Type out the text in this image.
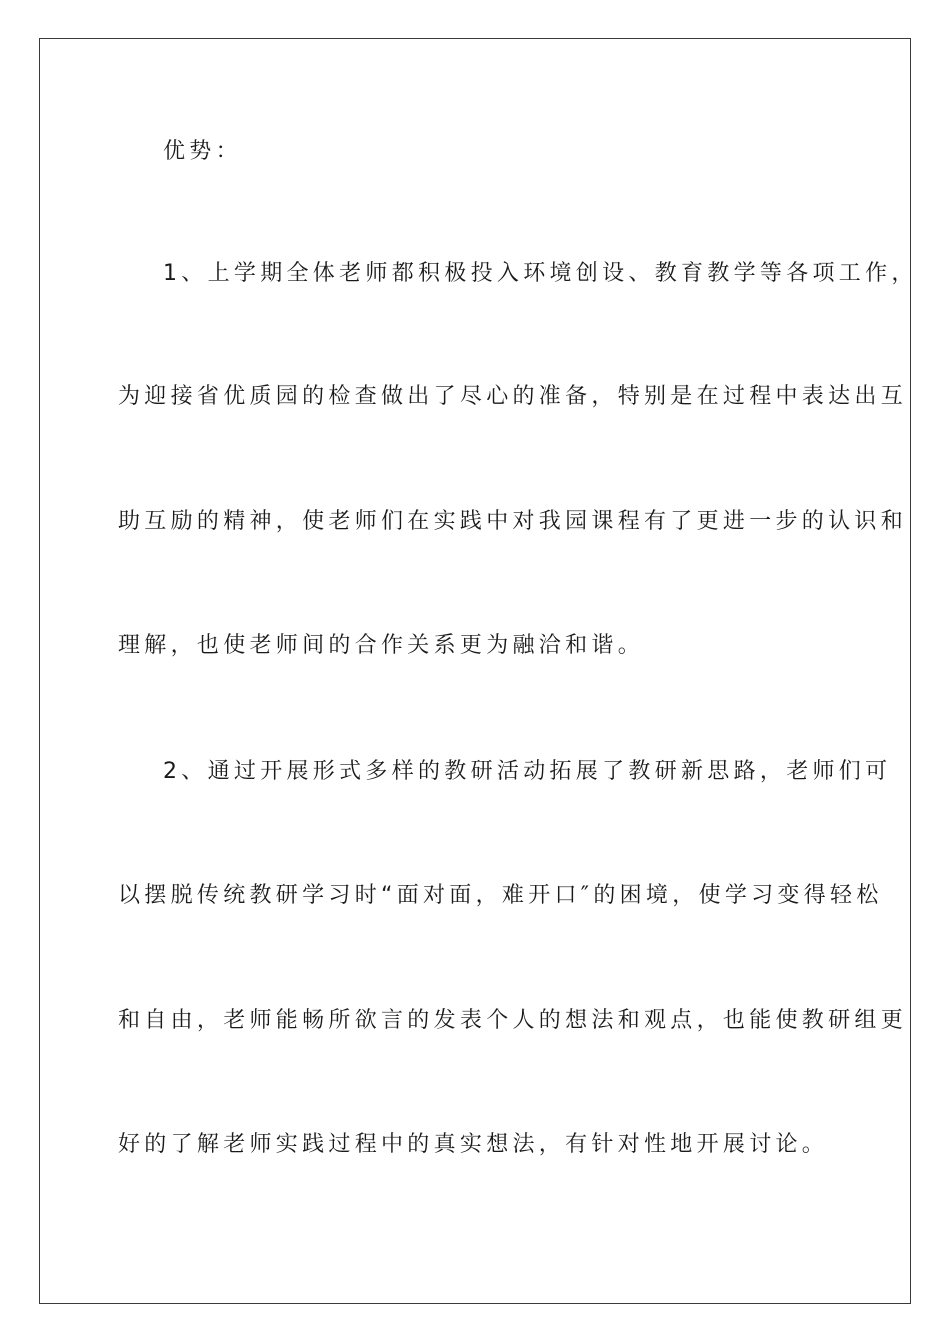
优势：
1、上学期全体老师都积极投入环境创设、教育教学等各项工作，
为迎接省优质园的检查做出了尽心的准备，特别是在过程中表达出互
助互励的精神，使老师们在实践中对我园课程有了更进一步的认识和
理解，也使老师间的合作关系更为融洽和谐。
2、通过开展形式多样的教研活动拓展了教研新思路，老师们可
以摆脱传统教研学习时“面对面，难开口″的困境，使学习变得轻松
和自由，老师能畅所欲言的发表个人的想法和观点，也能使教研组更
好的了解老师实践过程中的真实想法，有针对性地开展讨论。
